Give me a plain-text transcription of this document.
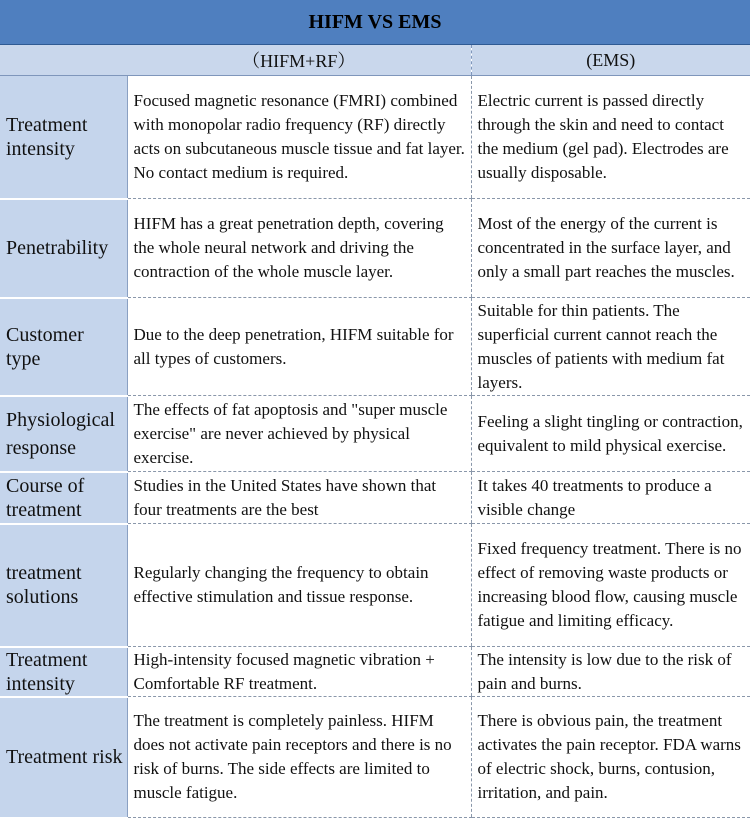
HIFM VS EMS		
	（HIFM+RF）	(EMS)
Treatment intensity	Focused magnetic resonance (FMRI) combined with monopolar radio frequency (RF) directly acts on subcutaneous muscle tissue and fat layer. No contact medium is required.	Electric current is passed directly through the skin and need to contact the medium (gel pad). Electrodes are usually disposable.
Penetrability	HIFM has a great penetration depth, covering the whole neural network and driving the contraction of the whole muscle layer.	Most of the energy of the current is concentrated in the surface layer, and only a small part reaches the muscles.
Customer type	Due to the deep penetration, HIFM suitable for all types of customers.	Suitable for thin patients. The superficial current cannot reach the muscles of patients with medium fat layers.
Physiological response	The effects of fat apoptosis and "super muscle exercise" are never achieved by physical exercise.	Feeling a slight tingling or contraction, equivalent to mild physical exercise.
Course of treatment	Studies in the United States have shown that four treatments are the best	It takes 40 treatments to produce a visible change
treatment solutions	Regularly changing the frequency to obtain effective stimulation and tissue response.	Fixed frequency treatment. There is no effect of removing waste products or increasing blood flow, causing muscle fatigue and limiting efficacy.
Treatment intensity	High-intensity focused magnetic vibration + Comfortable RF treatment.	The intensity is low due to the risk of pain and burns.
Treatment risk	The treatment is completely painless. HIFM does not activate pain receptors and there is no risk of burns. The side effects are limited to muscle fatigue.	There is obvious pain, the treatment activates the pain receptor. FDA warns of electric shock, burns, contusion, irritation, and pain.
